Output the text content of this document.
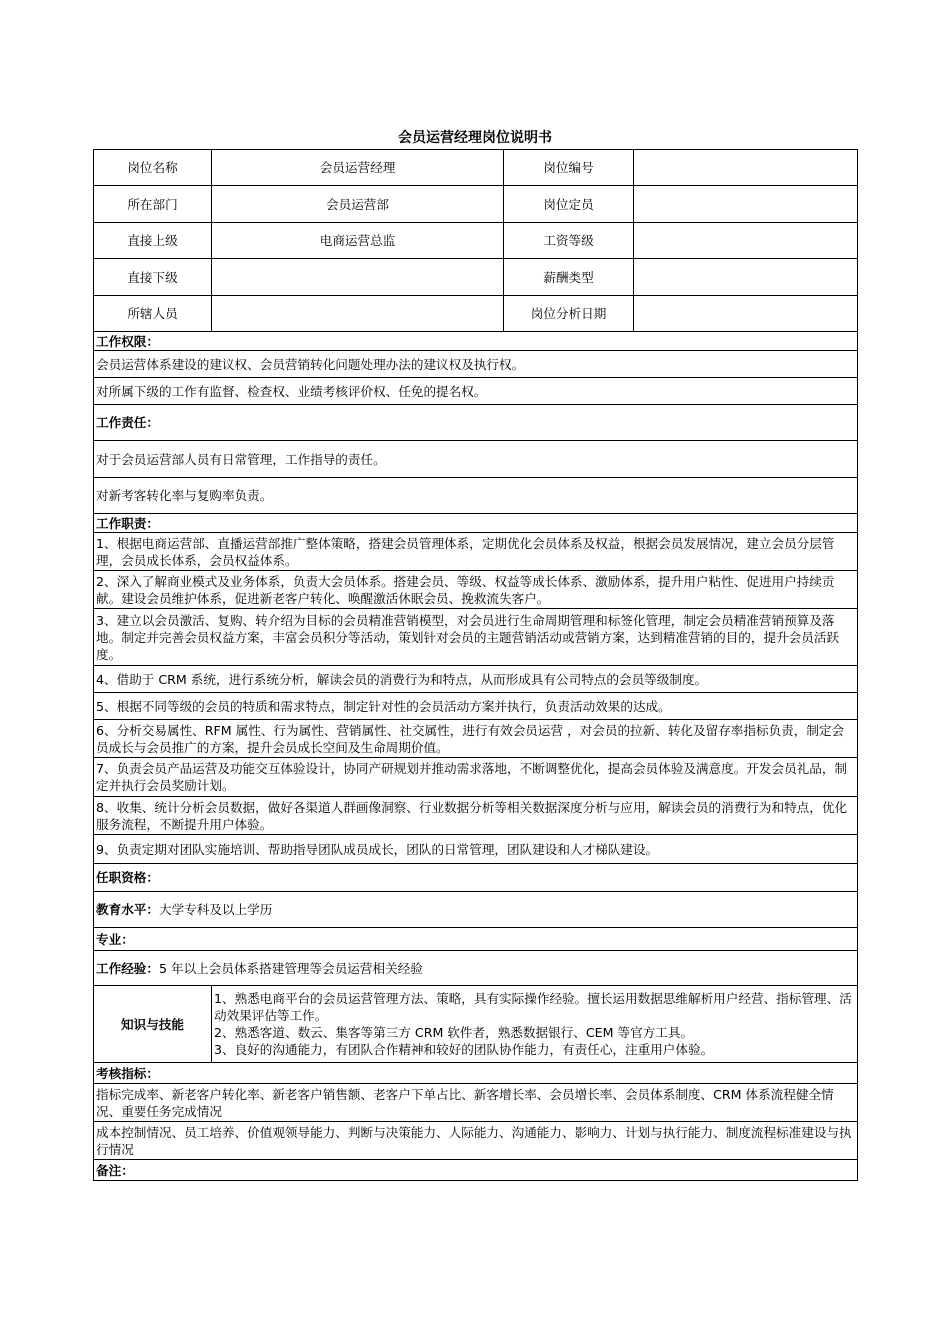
会员运营经理岗位说明书
岗位名称	会员运营经理	岗位编号	
所在部门	会员运营部	岗位定员	
直接上级	电商运营总监	工资等级	
直接下级		薪酬类型	
所辖人员		岗位分析日期	
工作权限：			
会员运营体系建设的建议权、会员营销转化问题处理办法的建议权及执行权。			
对所属下级的工作有监督、检查权、业绩考核评价权、任免的提名权。			
工作责任：			
对于会员运营部人员有日常管理，工作指导的责任。			
对新考客转化率与复购率负责。			
工作职责：			
1、根据电商运营部、直播运营部推广整体策略，搭建会员管理体系，定期优化会员体系及权益，根据会员发展情况，建立会员分层管理，会员成长体系，会员权益体系。			
2、深入了解商业模式及业务体系，负责大会员体系。搭建会员、等级、权益等成长体系、激励体系，提升用户粘性、促进用户持续贡献。建设会员维护体系，促进新老客户转化、唤醒激活休眠会员、挽救流失客户。			
3、建立以会员激活、复购、转介绍为目标的会员精准营销模型，对会员进行生命周期管理和标签化管理，制定会员精准营销预算及落地。制定并完善会员权益方案，丰富会员积分等活动，策划针对会员的主题营销活动或营销方案，达到精准营销的目的，提升会员活跃度。			
4、借助于 CRM 系统，进行系统分析，解读会员的消费行为和特点，从而形成具有公司特点的会员等级制度。			
5、根据不同等级的会员的特质和需求特点，制定针对性的会员活动方案并执行，负责活动效果的达成。			
6、分析交易属性、RFM 属性、行为属性、营销属性、社交属性，进行有效会员运营 ，对会员的拉新、转化及留存率指标负责，制定会员成长与会员推广的方案，提升会员成长空间及生命周期价值。			
7、负责会员产品运营及功能交互体验设计，协同产研规划并推动需求落地，不断调整优化，提高会员体验及满意度。开发会员礼品，制定并执行会员奖励计划。			
8、收集、统计分析会员数据，做好各渠道人群画像洞察、行业数据分析等相关数据深度分析与应用，解读会员的消费行为和特点，优化服务流程，不断提升用户体验。			
9、负责定期对团队实施培训、帮助指导团队成员成长，团队的日常管理，团队建设和人才梯队建设。			
任职资格：			
教育水平：大学专科及以上学历			
专业：			
工作经验：5 年以上会员体系搭建管理等会员运营相关经验			
知识与技能	1、熟悉电商平台的会员运营管理方法、策略，具有实际操作经验。擅长运用数据思维解析用户经营、指标管理、活动效果评估等工作。
2、熟悉客道、数云、集客等第三方 CRM 软件者，熟悉数据银行、CEM 等官方工具。
3、良好的沟通能力，有团队合作精神和较好的团队协作能力，有责任心，注重用户体验。		

考核指标：			
指标完成率、新老客户转化率、新老客户销售额、老客户下单占比、新客增长率、会员增长率、会员体系制度、CRM 体系流程健全情况、重要任务完成情况			
成本控制情况、员工培养、价值观领导能力、判断与决策能力、人际能力、沟通能力、影响力、计划与执行能力、制度流程标准建设与执行情况			
备注：			
